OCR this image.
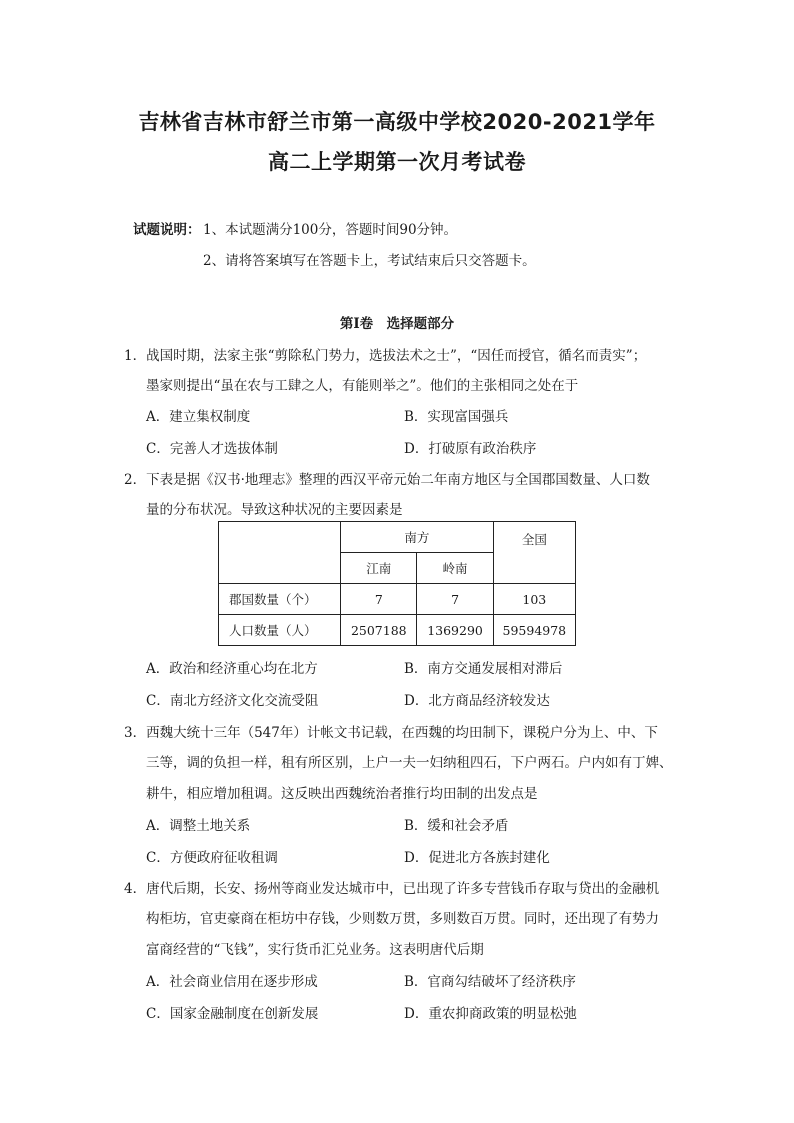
吉林省吉林市舒兰市第一高级中学校2020-2021学年
高二上学期第一次月考试卷
试题说明： 1、本试题满分100分，答题时间90分钟。
2、请将答案填写在答题卡上，考试结束后只交答题卡。
第Ⅰ卷　选择题部分
1．战国时期，法家主张“剪除私门势力，选拔法术之士”，“因任而授官，循名而责实”；
墨家则提出“虽在农与工肆之人，有能则举之”。他们的主张相同之处在于
A．建立集权制度	B．实现富国强兵
C．完善人才选拔体制	D．打破原有政治秩序
2．下表是据《汉书·地理志》整理的西汉平帝元始二年南方地区与全国郡国数量、人口数
量的分布状况。导致这种状况的主要因素是
	南方		全国
	江南	岭南	
郡国数量（个）	7	7	103
人口数量（人）	2507188	1369290	59594978
A．政治和经济重心均在北方	B．南方交通发展相对滞后
C．南北方经济文化交流受阻	D．北方商品经济较发达
3．西魏大统十三年（547年）计帐文书记载，在西魏的均田制下，课税户分为上、中、下
三等，调的负担一样，租有所区别，上户一夫一妇纳租四石，下户两石。户内如有丁婢、
耕牛，相应增加租调。这反映出西魏统治者推行均田制的出发点是
A．调整土地关系	B．缓和社会矛盾
C．方便政府征收租调	D．促进北方各族封建化
4．唐代后期，长安、扬州等商业发达城市中，已出现了许多专营钱币存取与贷出的金融机
构柜坊，官吏豪商在柜坊中存钱，少则数万贯，多则数百万贯。同时，还出现了有势力
富商经营的“飞钱”，实行货币汇兑业务。这表明唐代后期
A．社会商业信用在逐步形成	B．官商勾结破坏了经济秩序
C．国家金融制度在创新发展	D．重农抑商政策的明显松弛
